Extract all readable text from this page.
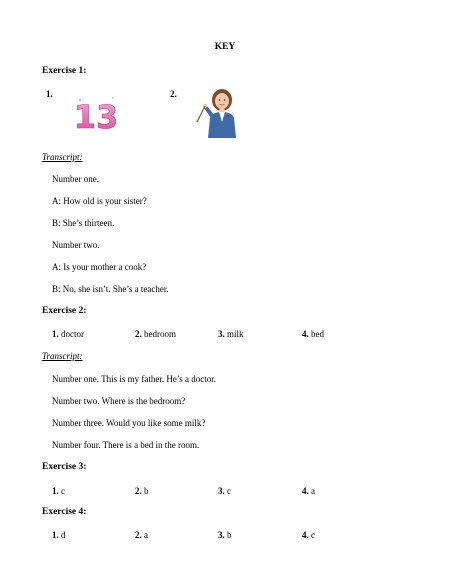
KEY
Exercise 1:
1.
13
2.
Transcript:
Number one.
A: How old is your sister?
B: She’s thirteen.
Number two.
A: Is your mother a cook?
B: No, she isn’t. She’s a teacher.
Exercise 2:
1. doctor	2. bedroom	3. milk	4. bed
Transcript:
Number one. This is my father. He’s a doctor.
Number two. Where is the bedroom?
Number three. Would you like some milk?
Number four. There is a bed in the room.
Exercise 3:
1. c	2. b	3. c	4. a
Exercise 4:
1. d	2. a	3. b	4. c
